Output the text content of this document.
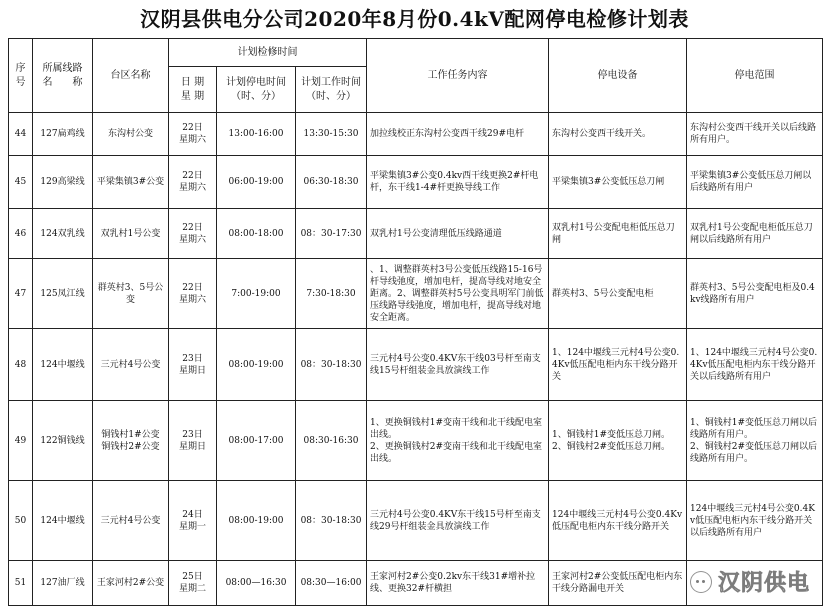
汉阴县供电分公司2020年8月份0.4kV配网停电检修计划表
序
号	所属线路
名　　称	台区名称	计划检修时间			工作任务内容	停电设备	停电范围
			日 期
星 期	计划停电时间
（时、分）	计划工作时间
（时、分）			
44	127扁鸡线	东沟村公变	22日
星期六	13:00-16:00	13:30-15:30	加拉线校正东沟村公变西干线29#电杆	东沟村公变西干线开关。	东沟村公变西干线开关以后线路所有用户。
45	129高梁线	平梁集镇3#公变	22日
星期六	06:00-19:00	06:30-18:30	平梁集镇3#公变0.4kv西干线更换2#杆电杆，东干线1-4#杆更换导线工作	平梁集镇3#公变低压总刀闸	平梁集镇3#公变低压总刀闸以后线路所有用户
46	124双乳线	双乳村1号公变	22日
星期六	08:00-18:00	08：30-17:30	双乳村1号公变清理低压线路通道	双乳村1号公变配电柜低压总刀闸	双乳村1号公变配电柜低压总刀闸以后线路所有用户
47	125凤江线	群英村3、5号公变	22日
星期六	7:00-19:00	7:30-18:30	、1、调整群英村3号公变低压线路15-16号杆导线弛度，增加电杆，提高导线对地安全距离。2、调整群英村5号公变具明军门前低压线路导线弛度，增加电杆，提高导线对地安全距离。	群英村3、5号公变配电柜	群英村3、5号公变配电柜及0.4kv线路所有用户
48	124中堰线	三元村4号公变	23日
星期日	08:00-19:00	08：30-18:30	三元村4号公变0.4KV东干线03号杆至南支线15号杆组装金具放演线工作	1、124中堰线三元村4号公变0.4Kv低压配电柜内东干线分路开关	1、124中堰线三元村4号公变0.4Kv低压配电柜内东干线分路开关以后线路所有用户
49	122铜钱线	铜钱村1#公变
铜钱村2#公变	23日
星期日	08:00-17:00	08:30-16:30	1、更换铜钱村1#变南干线和北干线配电室出线。
2、更换铜钱村2#变南干线和北干线配电室出线。	1、铜钱村1#变低压总刀闸。
2、铜钱村2#变低压总刀闸。	1、铜钱村1#变低压总刀闸以后线路所有用户。
2、铜钱村2#变低压总刀闸以后线路所有用户。
50	124中堰线	三元村4号公变	24日
星期一	08:00-19:00	08：30-18:30	三元村4号公变0.4KV东干线15号杆至南支线29号杆组装金具放演线工作	124中堰线三元村4号公变0.4Kv低压配电柜内东干线分路开关	124中堰线三元村4号公变0.4Kv低压配电柜内东干线分路开关以后线路所有用户
51	127油厂线	王家河村2#公变	25日
星期二	08:00—16:30	08:30—16:00	王家河村2#公变0.2kv东干线31#增补拉线、更换32#杆横担	王家河村2#公变低压配电柜内东干线分路漏电开关		汉阴供电
